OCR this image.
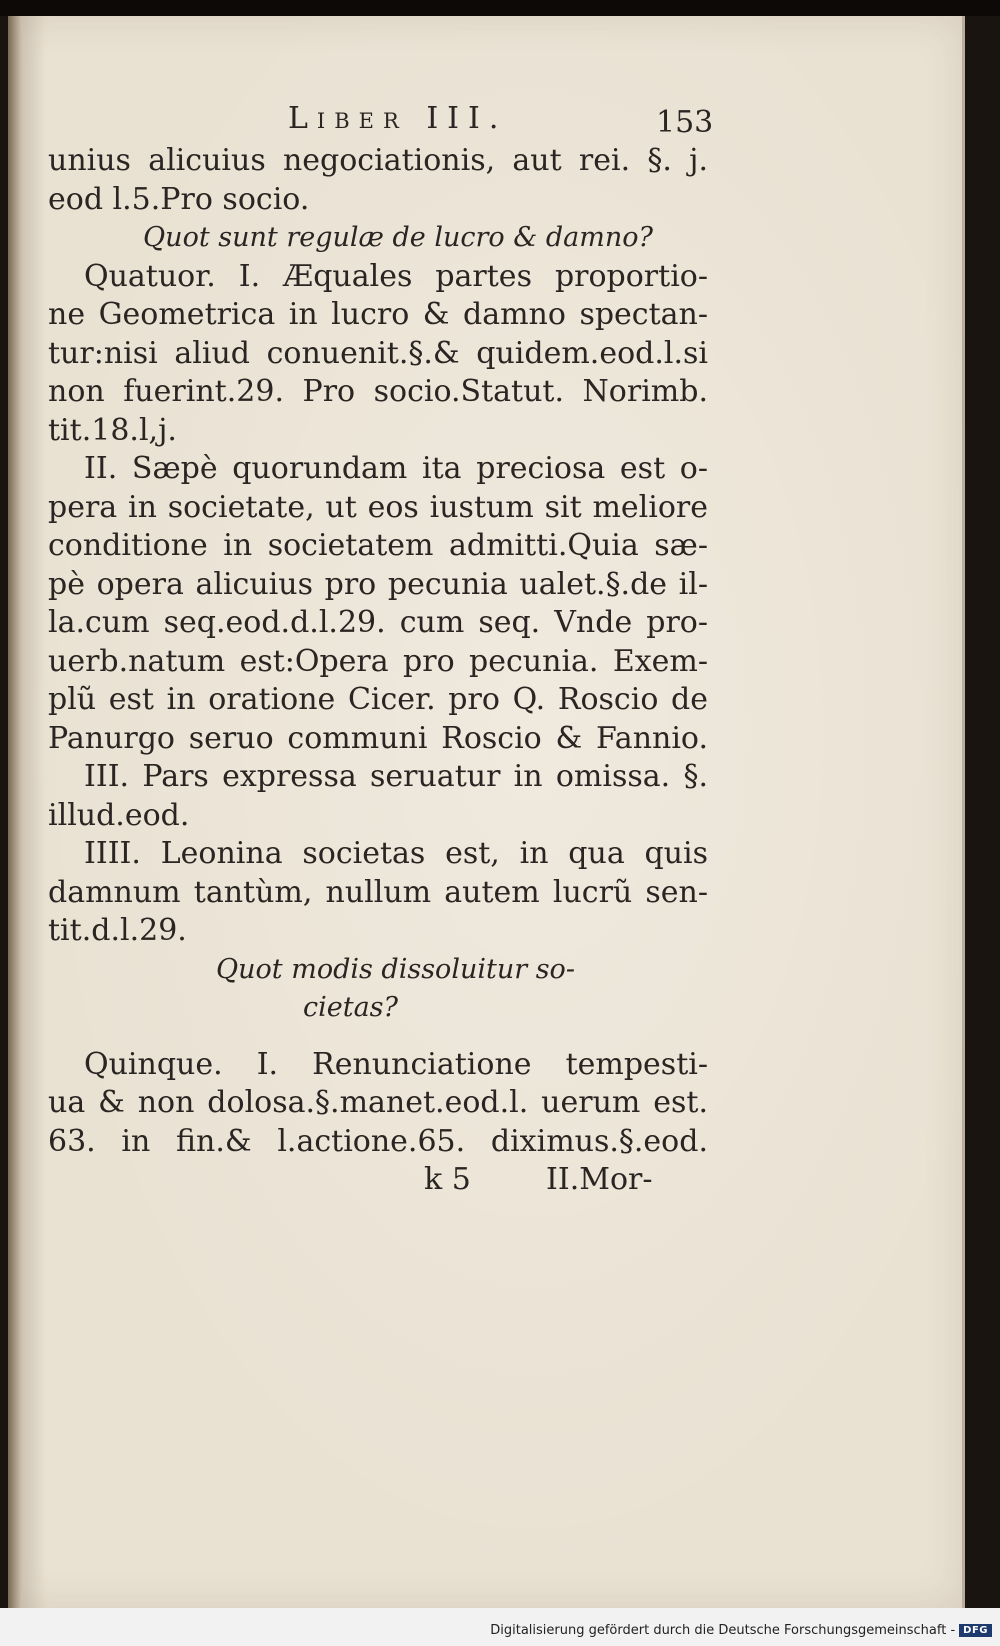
Liber III.	153
unius alicuius negociationis, aut rei. §. j.
eod l.5.Pro socio.
Quot sunt regulæ de lucro & damno?
Quatuor. I. Æquales partes proportio-
ne Geometrica in lucro & damno spectan-
tur:nisi aliud conuenit.§.& quidem.eod.l.si
non fuerint.29. Pro socio.Statut. Norimb.
tit.18.l,j.
II. Sæpè quorundam ita preciosa est o-
pera in societate, ut eos iustum sit meliore
conditione in societatem admitti.Quia sæ-
pè opera alicuius pro pecunia ualet.§.de il-
la.cum seq.eod.d.l.29. cum seq. Vnde pro-
uerb.natum est:Opera pro pecunia. Exem-
plũ est in oratione Cicer. pro Q. Roscio de
Panurgo seruo communi Roscio & Fannio.
III. Pars expressa seruatur in omissa. §.
illud.eod.
IIII. Leonina societas est, in qua quis
damnum tantùm, nullum autem lucrũ sen-
tit.d.l.29.
Quot modis dissoluitur so-
cietas?
Quinque. I. Renunciatione tempesti-
ua & non dolosa.§.manet.eod.l. uerum est.
63. in fin.& l.actione.65. diximus.§.eod.
k 5	II.Mor-
Digitalisierung gefördert durch die Deutsche Forschungsgemeinschaft - DFG
